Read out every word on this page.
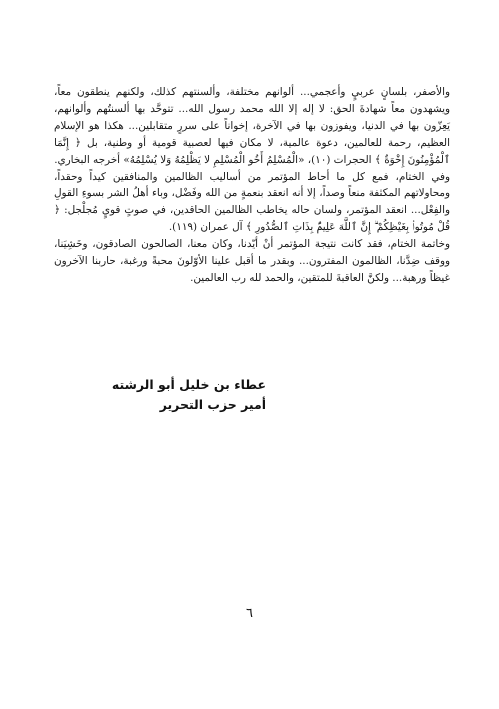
والأصفر، بلسانٍ عربيٍ وأعجمي... ألوانهم مختلفة، وألسنتهم كذلك، ولكنهم ينطقون معاً، ويشهدون معاً شهادةَ الحق: لا إله إلا الله محمد رسول الله... تتوحَّد بها ألسنتُهم وألوانهم، يَعِزّون بها في الدنيا، ويفوزون بها في الآخرة، إخواناً على سررٍ متقابلين... هكذا هو الإسلام العظيم، رحمة للعالمين، دعوة عالمية، لا مكان فيها لعصبية قومية أو وطنية، بل ﴿ إِنَّمَا ٱلْمُؤْمِنُونَ إِخْوَةٌ ﴾ الحجرات (١٠)، «الْمُسْلِمُ أَخُو الْمُسْلِمِ لا يَظْلِمُهُ وَلا يُسْلِمُهُ» أخرجه البخاري.

وفي الختام، فمع كل ما أحاط المؤتمر من أساليب الظالمين والمنافقين كيداً وحقداً، ومحاولاتهم المكثفة منعاً وصداً، إلا أنه انعقد بنعمةٍ من الله وفَضْل، وباء أهلُ الشر بسوءِ القولِ والفِعْل... انعقد المؤتمر، ولسان حاله يخاطب الظالمين الحاقدين، في صوتٍ قويٍ مُجلْجل: ﴿ قُلْ مُوتُوا۟ بِغَيْظِكُمْ ۗ إِنَّ ٱللَّهَ عَلِيمٌۢ بِذَاتِ ٱلصُّدُورِ ﴾ آل عمران (١١٩).

وخاتمة الختام، فقد كانت نتيجة المؤتمر أنْ أيّدنا، وكان معنا، الصالحون الصادقون، وخَشِيَنا، ووقف ضِدَّنا، الظالمون المفترون... وبقدر ما أقبل علينا الأوّلونَ محبةً ورغبة، حاربنا الآخرون غيظاً ورهبة... ولكنَّ العاقبةَ للمتقين، والحمد لله رب العالمين.

عطاء بن خليل أبو الرشته
أمير حزب التحرير
٦
